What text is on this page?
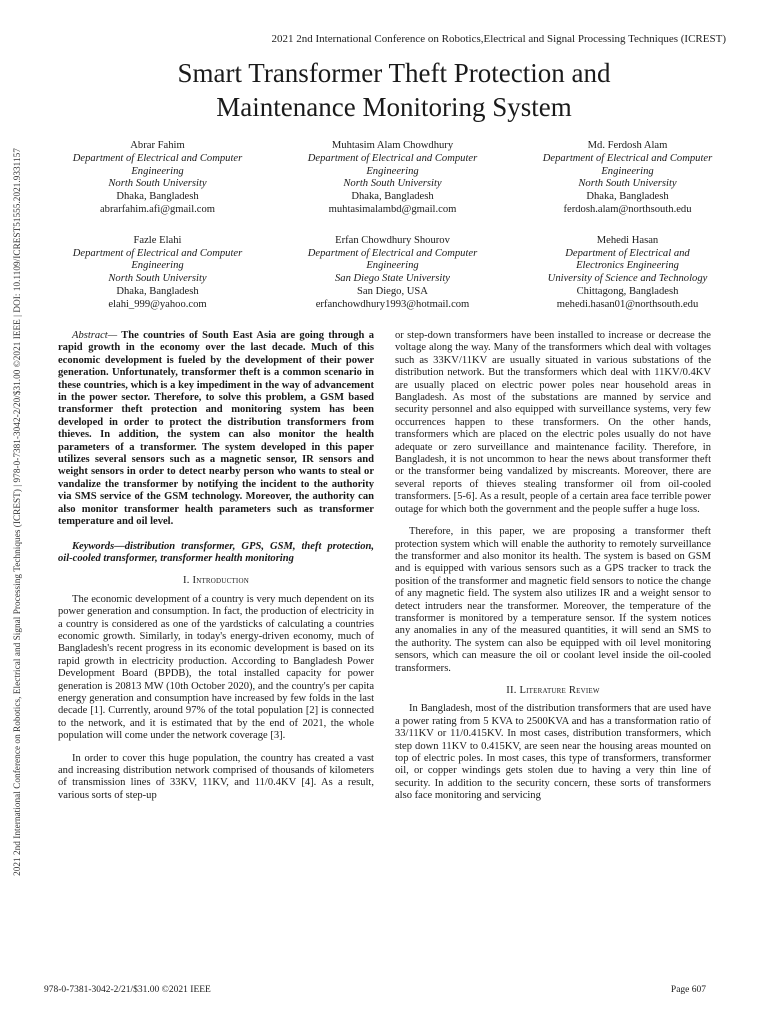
2021 2nd International Conference on Robotics, Electrical and Signal Processing Techniques (ICREST) | 978-0-7381-3042-2/20/$31.00 ©2021 IEEE | DOI: 10.1109/ICREST51555.2021.9331157
2021 2nd International Conference on Robotics,Electrical and Signal Processing Techniques (ICREST)
Smart Transformer Theft Protection and
Maintenance Monitoring System
Abrar Fahim
Department of Electrical and Computer
Engineering
North South University
Dhaka, Bangladesh
abrarfahim.afi@gmail.com
Muhtasim Alam Chowdhury
Department of Electrical and Computer
Engineering
North South University
Dhaka, Bangladesh
muhtasimalambd@gmail.com
Md. Ferdosh Alam
Department of Electrical and Computer
Engineering
North South University
Dhaka, Bangladesh
ferdosh.alam@northsouth.edu
Fazle Elahi
Department of Electrical and Computer
Engineering
North South University
Dhaka, Bangladesh
elahi_999@yahoo.com
Erfan Chowdhury Shourov
Department of Electrical and Computer
Engineering
San Diego State University
San Diego, USA
erfanchowdhury1993@hotmail.com
Mehedi Hasan
Department of Electrical and
Electronics Engineering
University of Science and Technology
Chittagong, Bangladesh
mehedi.hasan01@northsouth.edu

Abstract— The countries of South East Asia are going through a rapid growth in the economy over the last decade. Much of this economic development is fueled by the development of their power generation. Unfortunately, transformer theft is a common scenario in these countries, which is a key impediment in the way of advancement in the power sector. Therefore, to solve this problem, a GSM based transformer theft protection and monitoring system has been developed in order to protect the distribution transformers from thieves. In addition, the system can also monitor the health parameters of a transformer. The system developed in this paper utilizes several sensors such as a magnetic sensor, IR sensors and weight sensors in order to detect nearby person who wants to steal or vandalize the transformer by notifying the incident to the authority via SMS service of the GSM technology. Moreover, the authority can also monitor transformer health parameters such as transformer temperature and oil level.

Keywords—distribution transformer, GPS, GSM, theft protection, oil-cooled transformer, transformer health monitoring

I. Introduction

The economic development of a country is very much dependent on its power generation and consumption. In fact, the production of electricity in a country is considered as one of the yardsticks of calculating a countries economic growth. Similarly, in today's energy-driven economy, much of Bangladesh's recent progress in its economic development is based on its rapid growth in electricity production. According to Bangladesh Power Development Board (BPDB), the total installed capacity for power generation is 20813 MW (10th October 2020), and the country's per capita energy generation and consumption have increased by few folds in the last decade [1]. Currently, around 97% of the total population [2] is connected to the network, and it is estimated that by the end of 2021, the whole population will come under the network coverage [3].

In order to cover this huge population, the country has created a vast and increasing distribution network comprised of thousands of kilometers of transmission lines of 33KV, 11KV, and 11/0.4KV [4]. As a result, various sorts of step-up

or step-down transformers have been installed to increase or decrease the voltage along the way. Many of the transformers which deal with voltages such as 33KV/11KV are usually situated in various substations of the distribution network. But the transformers which deal with 11KV/0.4KV are usually placed on electric power poles near household areas in Bangladesh. As most of the substations are manned by service and security personnel and also equipped with surveillance systems, very few occurrences happen to these transformers. On the other hands, transformers which are placed on the electric poles usually do not have adequate or zero surveillance and maintenance facility. Therefore, in Bangladesh, it is not uncommon to hear the news about transformer theft or the transformer being vandalized by miscreants. Moreover, there are several reports of thieves stealing transformer oil from oil-cooled transformers. [5-6]. As a result, people of a certain area face terrible power outage for which both the government and the people suffer a huge loss.

Therefore, in this paper, we are proposing a transformer theft protection system which will enable the authority to remotely surveillance the transformer and also monitor its health. The system is based on GSM and is equipped with various sensors such as a GPS tracker to track the position of the transformer and magnetic field sensors to notice the change of any magnetic field. The system also utilizes IR and a weight sensor to detect intruders near the transformer. Moreover, the temperature of the transformer is monitored by a temperature sensor. If the system notices any anomalies in any of the measured quantities, it will send an SMS to the authority. The system can also be equipped with oil level monitoring sensors, which can measure the oil or coolant level inside the oil-cooled transformers.

II. Literature Review

In Bangladesh, most of the distribution transformers that are used have a power rating from 5 KVA to 2500KVA and has a transformation ratio of 33/11KV or 11/0.415KV. In most cases, distribution transformers, which step down 11KV to 0.415KV, are seen near the housing areas mounted on top of electric poles. In most cases, this type of transformers, transformer oil, or copper windings gets stolen due to having a very thin line of security. In addition to the security concern, these sorts of transformers also face monitoring and servicing

978-0-7381-3042-2/21/$31.00 ©2021 IEEE	Page 607
